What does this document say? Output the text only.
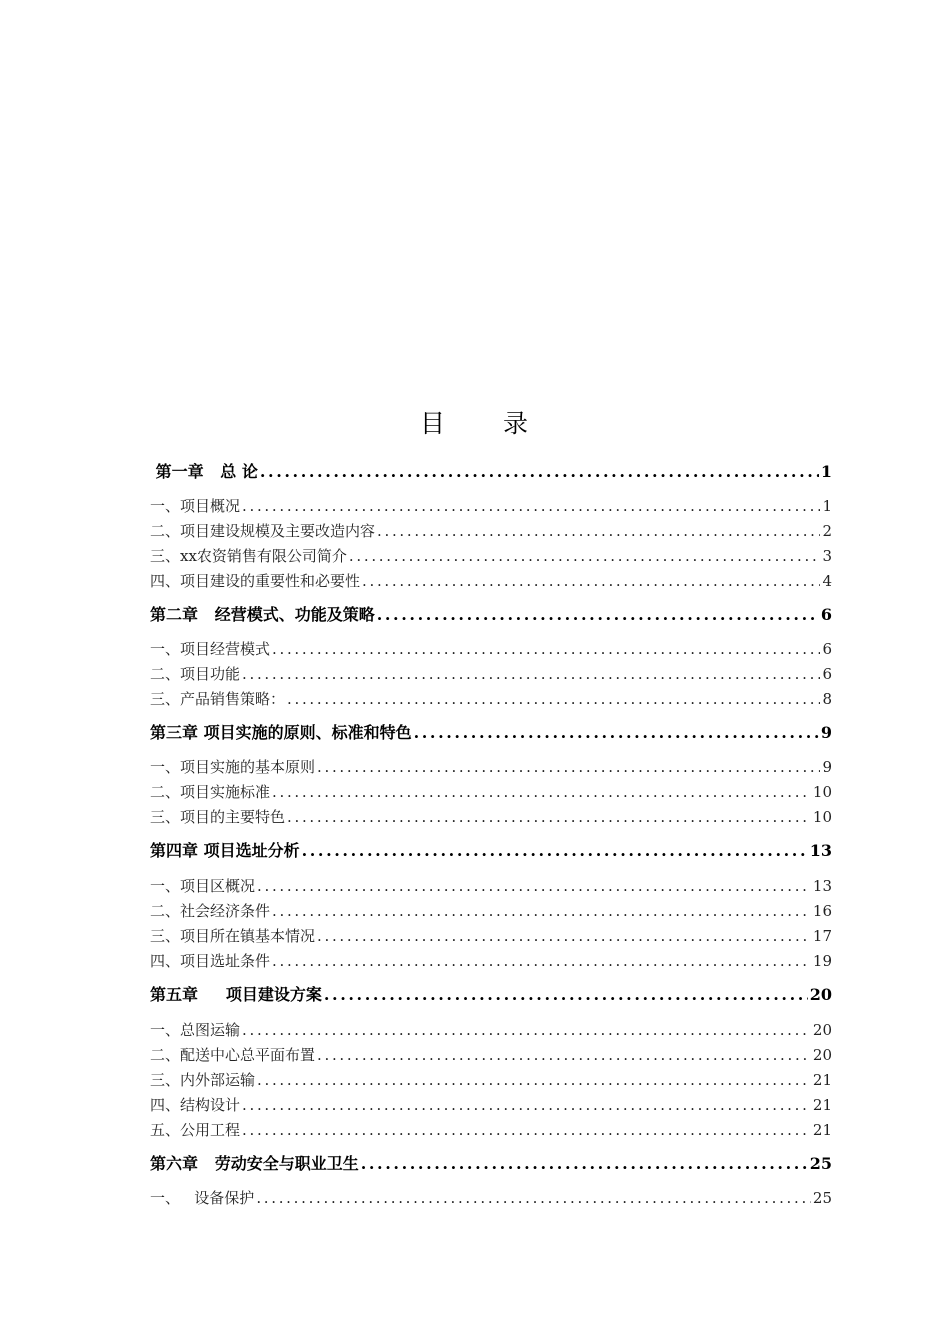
目 录
第一章   总 论 .....	1
一、项目概况 .....	1
二、项目建设规模及主要改造内容 .....	2
三、xx农资销售有限公司简介 .....	3
四、项目建设的重要性和必要性 .....	4
第二章   经营模式、功能及策略 .....	6
一、项目经营模式 .....	6
二、项目功能 .....	6
三、产品销售策略： .....	8
第三章 项目实施的原则、标准和特色 .....	9
一、项目实施的基本原则 .....	9
二、项目实施标准 .....	10
三、项目的主要特色 .....	10
第四章 项目选址分析 .....	13
一、项目区概况 .....	13
二、社会经济条件 .....	16
三、项目所在镇基本情况 .....	17
四、项目选址条件 .....	19
第五章     项目建设方案 .....	20
一、总图运输 .....	20
二、配送中心总平面布置 .....	20
三、内外部运输 .....	21
四、结构设计 .....	21
五、公用工程 .....	21
第六章   劳动安全与职业卫生 .....	25
一、   设备保护 .....	25
